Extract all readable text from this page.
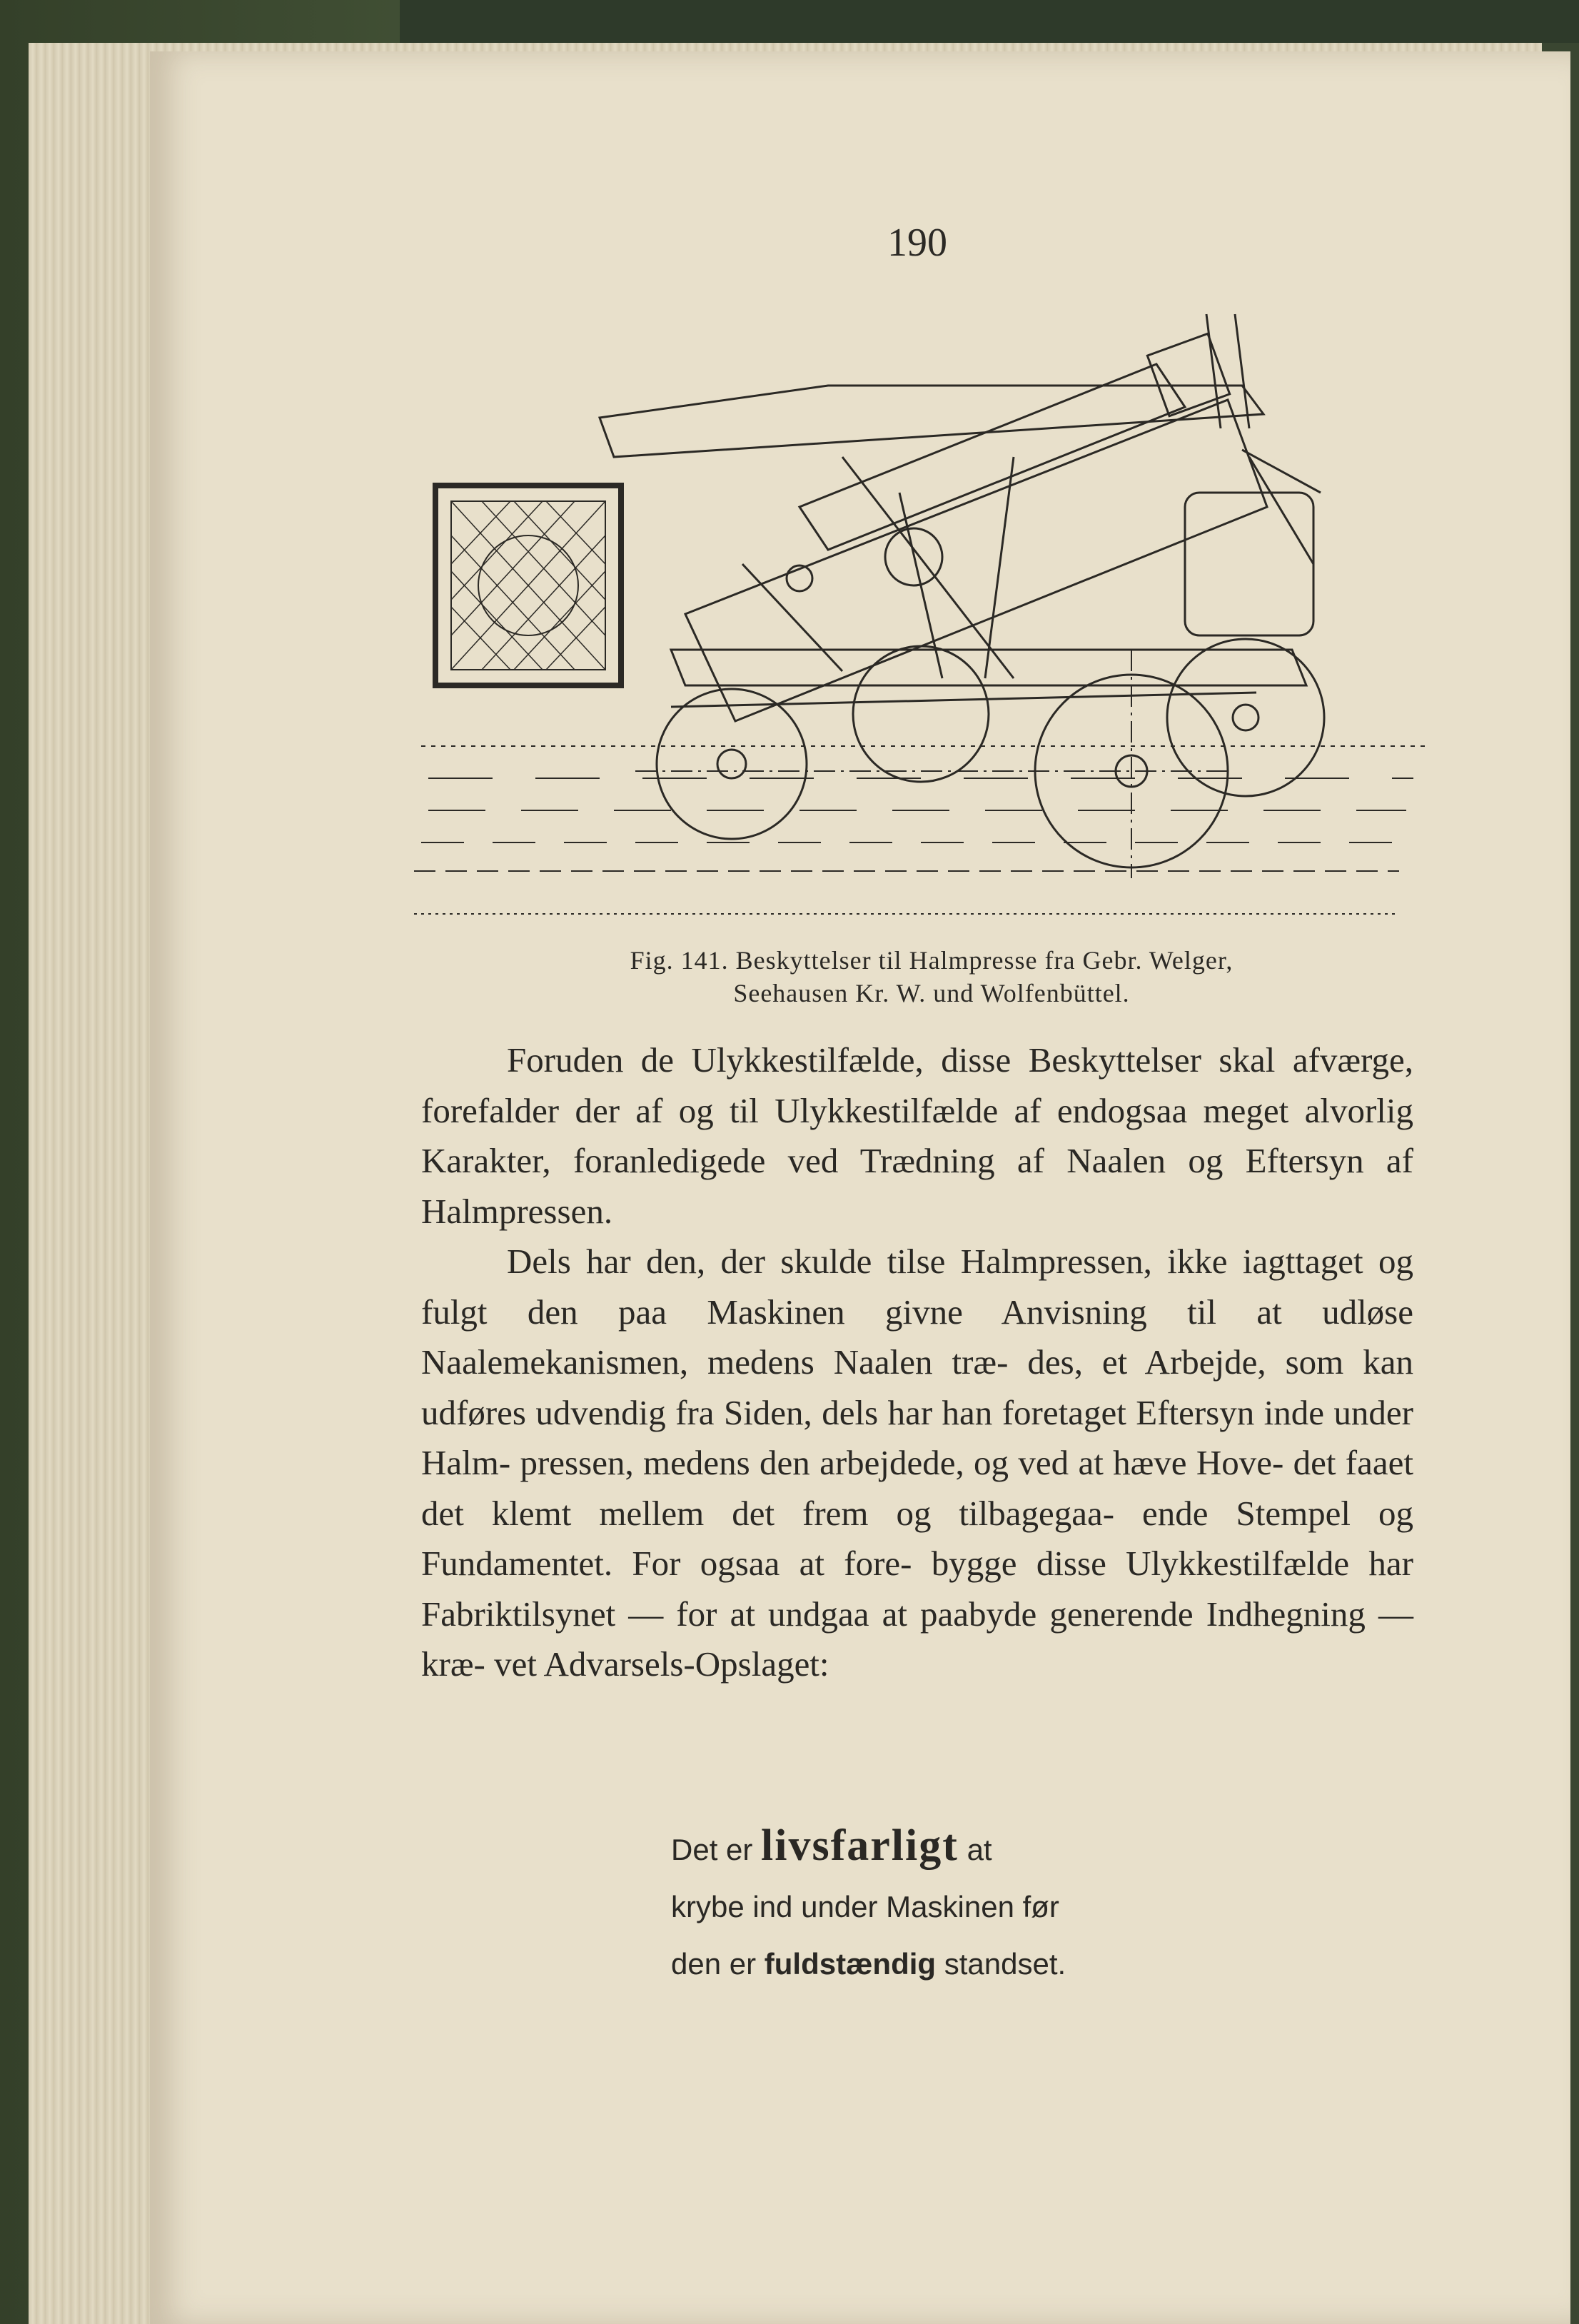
190
Fig. 141. Beskyttelser til Halmpresse fra Gebr. Welger,
Seehausen Kr. W. und Wolfenbüttel.

Foruden de Ulykkestilfælde, disse Beskyttelser skal afværge, forefalder der af og til Ulykkestilfælde af endogsaa meget alvorlig Karakter, foranledigede ved Trædning af Naalen og Eftersyn af Halmpressen.

Dels har den, der skulde tilse Halmpressen, ikke iagttaget og fulgt den paa Maskinen givne Anvisning til at udløse Naalemekanismen, medens Naalen træ- des, et Arbejde, som kan udføres udvendig fra Siden, dels har han foretaget Eftersyn inde under Halm- pressen, medens den arbejdede, og ved at hæve Hove- det faaet det klemt mellem det frem og tilbagegaa- ende Stempel og Fundamentet. For ogsaa at fore- bygge disse Ulykkestilfælde har Fabriktilsynet — for at undgaa at paabyde generende Indhegning — kræ- vet Advarsels-Opslaget:

Det er livsfarligt at
krybe ind under Maskinen før
den er fuldstændig standset.
